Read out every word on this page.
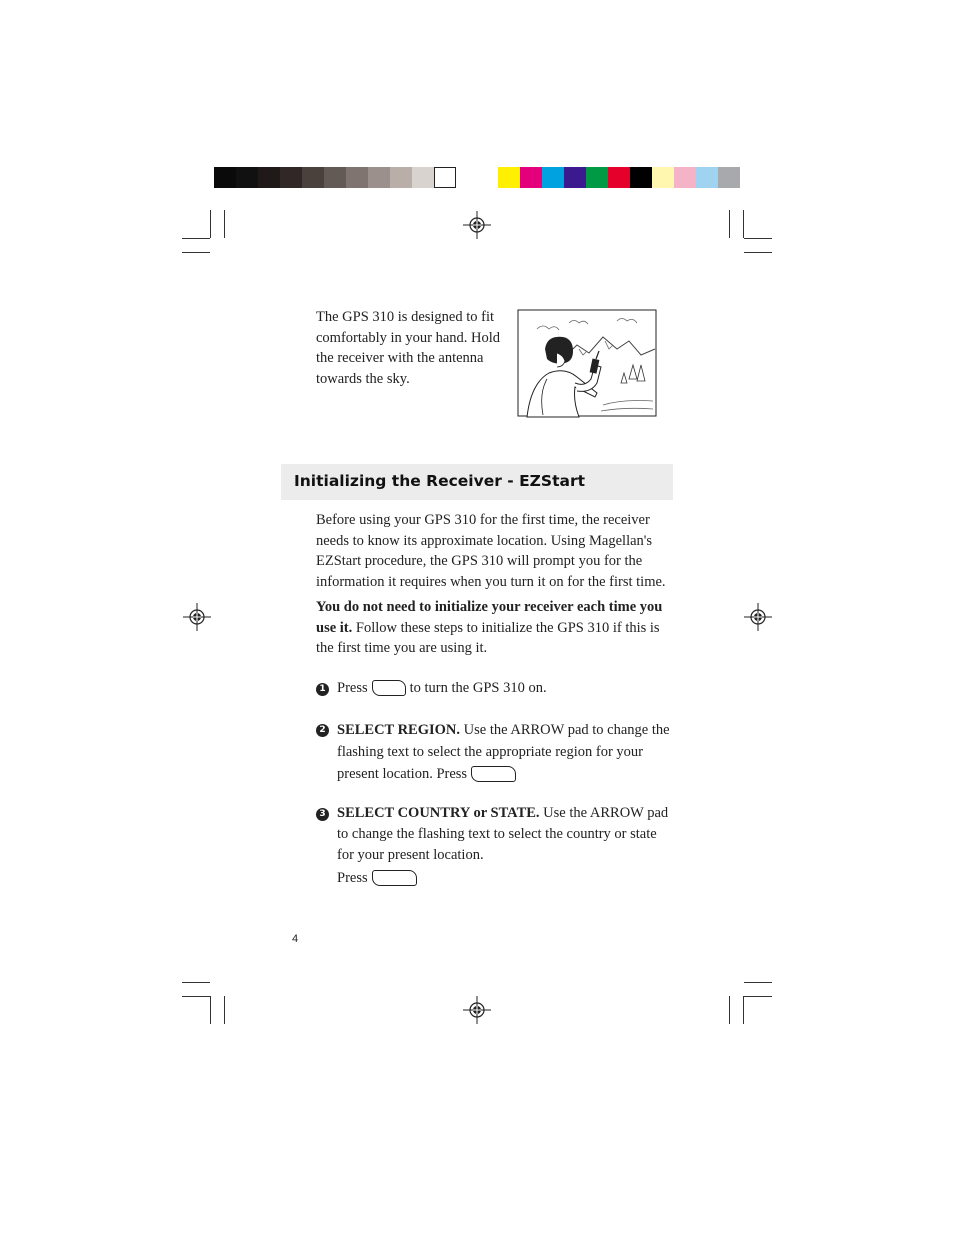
The GPS 310 is designed to fit comfortably in your hand. Hold the receiver with the antenna towards the sky.
Initializing the Receiver - EZStart
Before using your GPS 310 for the first time, the receiver needs to know its approximate location. Using Magellan's EZStart procedure, the GPS 310 will prompt you for the information it requires when you turn it on for the first time.
You do not need to initialize your receiver each time you use it. Follow these steps to initialize the GPS 310 if this is the first time you are using it.
1 Press	to turn the GPS 310 on.
2 SELECT REGION. Use the ARROW pad to change the flashing text to select the appropriate region for your present location. Press
3 SELECT COUNTRY or STATE. Use the ARROW pad to change the flashing text to select the country or state for your present location.
Press
4
